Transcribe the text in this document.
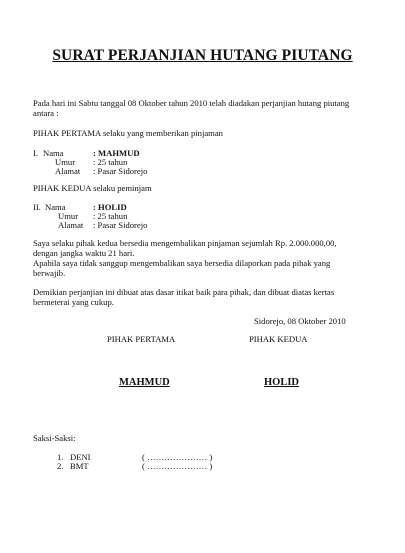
SURAT PERJANJIAN HUTANG PIUTANG
Pada hari ini Sabtu tanggal 08 Oktober tahun 2010 telah diadakan perjanjian hutang piutang
antara :
PIHAK PERTAMA selaku yang memberikan pinjaman
I. Nama	: MAHMUD
Umur : 25 tahun
Alamat : Pasar Sidorejo
PIHAK KEDUA selaku peminjam
II. Nama	: HOLID
Umur : 25 tahun
Alamat : Pasar Sidorejo
Saya selaku pihak kedua bersedia mengembalikan pinjaman sejumlah Rp. 2.000.000,00,
dengan jangka waktu 21 hari.
Apabila saya tidak sanggup mengembalikan saya bersedia dilaporkan pada pihak yang
berwajib.
Demikian perjanjian ini dibuat atas dasar itikat baik para pihak, dan dibuat diatas kertas
bermeterai yang cukup.
Sidorejo, 08 Oktober 2010
PIHAK PERTAMA	PIHAK KEDUA
MAHMUD	HOLID
Saksi-Saksi:
1. DENI	( ………………… )
2. BMT	( ………………… )
